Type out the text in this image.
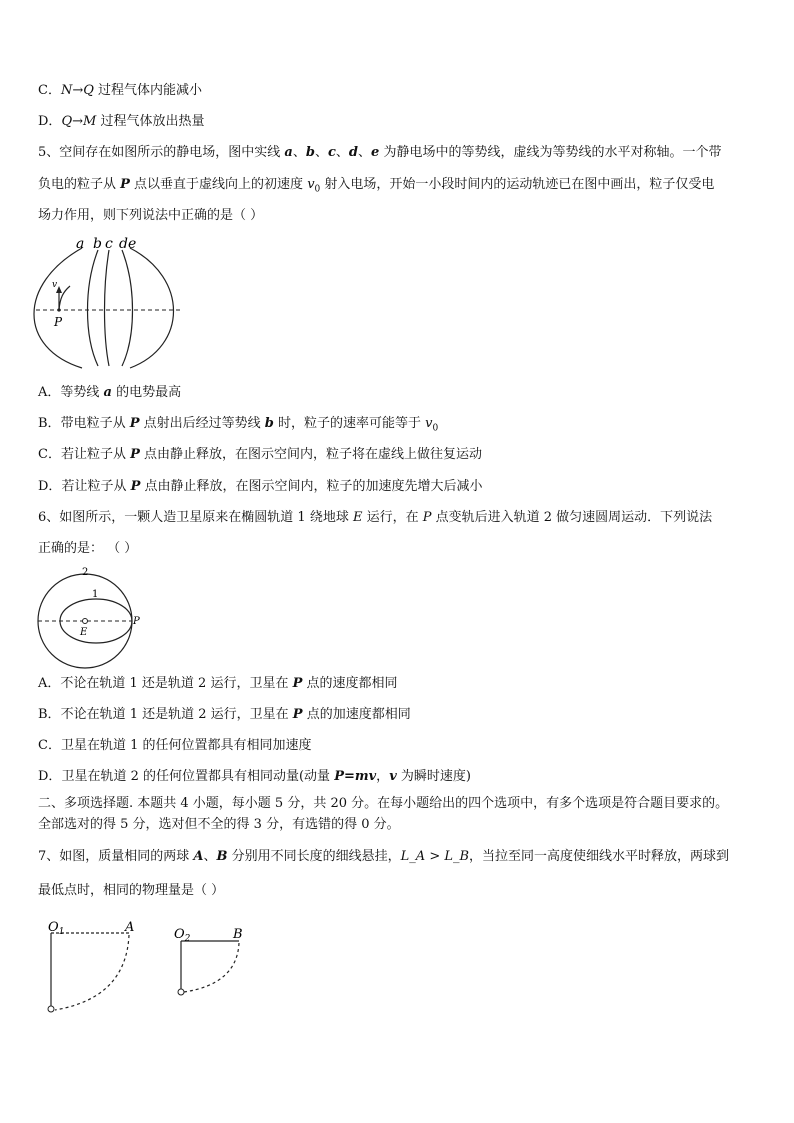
C．N→Q 过程气体内能减小
D．Q→M 过程气体放出热量
5、空间存在如图所示的静电场，图中实线 a、b、c、d、e 为静电场中的等势线，虚线为等势线的水平对称轴。一个带
负电的粒子从 P 点以垂直于虚线向上的初速度 $v_0$ 射入电场，开始一小段时间内的运动轨迹已在图中画出，粒子仅受电
场力作用，则下列说法中正确的是（ ）
a b c d e
P
v
A．等势线 a 的电势最高
B．带电粒子从 P 点射出后经过等势线 b 时，粒子的速率可能等于 $v_0$
C．若让粒子从 P 点由静止释放，在图示空间内，粒子将在虚线上做往复运动
D．若让粒子从 P 点由静止释放，在图示空间内，粒子的加速度先增大后减小
6、如图所示，一颗人造卫星原来在椭圆轨道 1 绕地球 E 运行，在 P 点变轨后进入轨道 2 做匀速圆周运动．下列说法
正确的是： （ ）
2
1
E
P
A．不论在轨道 1 还是轨道 2 运行，卫星在 P 点的速度都相同
B．不论在轨道 1 还是轨道 2 运行，卫星在 P 点的加速度都相同
C．卫星在轨道 1 的任何位置都具有相同加速度
D．卫星在轨道 2 的任何位置都具有相同动量(动量 P=mv，v 为瞬时速度)
二、多项选择题. 本题共 4 小题，每小题 5 分，共 20 分。在每小题给出的四个选项中，有多个选项是符合题目要求的。
全部选对的得 5 分，选对但不全的得 3 分，有选错的得 0 分。
7、如图，质量相同的两球 A、B 分别用不同长度的细线悬挂，L_A > L_B，当拉至同一高度使细线水平时释放，两球到
最低点时，相同的物理量是（ ）
$O_1$	A	$O_2$	B
